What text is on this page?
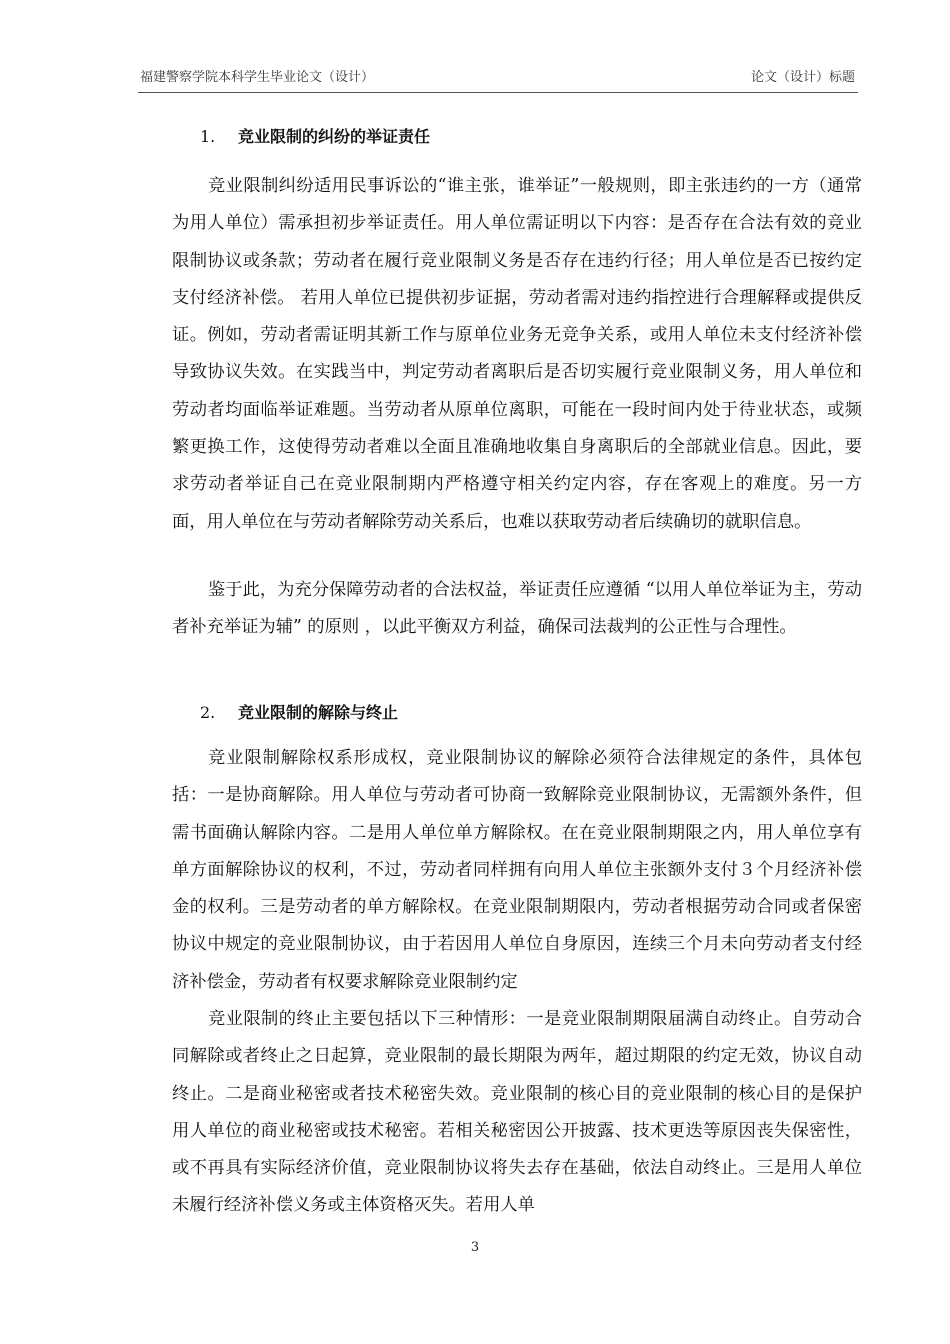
福建警察学院本科学生毕业论文（设计）	论文（设计）标题
1. 竞业限制的纠纷的举证责任

竞业限制纠纷适用民事诉讼的“谁主张，谁举证”一般规则，即主张违约的一方（通常为用人单位）需承担初步举证责任。用人单位需证明以下内容：是否存在合法有效的竞业限制协议或条款；劳动者在履行竞业限制义务是否存在违约行径；用人单位是否已按约定支付经济补偿。 若用人单位已提供初步证据，劳动者需对违约指控进行合理解释或提供反证。例如，劳动者需证明其新工作与原单位业务无竞争关系，或用人单位未支付经济补偿导致协议失效。在实践当中，判定劳动者离职后是否切实履行竞业限制义务，用人单位和劳动者均面临举证难题。当劳动者从原单位离职，可能在一段时间内处于待业状态，或频繁更换工作，这使得劳动者难以全面且准确地收集自身离职后的全部就业信息。因此，要求劳动者举证自己在竞业限制期内严格遵守相关约定内容，存在客观上的难度。另一方面，用人单位在与劳动者解除劳动关系后，也难以获取劳动者后续确切的就职信息。

鉴于此，为充分保障劳动者的合法权益，举证责任应遵循 “以用人单位举证为主，劳动者补充举证为辅” 的原则 ，以此平衡双方利益，确保司法裁判的公正性与合理性。

2. 竞业限制的解除与终止

竞业限制解除权系形成权，竞业限制协议的解除必须符合法律规定的条件，具体包括：一是协商解除。用人单位与劳动者可协商一致解除竞业限制协议，无需额外条件，但需书面确认解除内容。二是用人单位单方解除权。在在竞业限制期限之内，用人单位享有单方面解除协议的权利，不过，劳动者同样拥有向用人单位主张额外支付３个月经济补偿金的权利。三是劳动者的单方解除权。在竞业限制期限内，劳动者根据劳动合同或者保密协议中规定的竞业限制协议，由于若因用人单位自身原因，连续三个月未向劳动者支付经济补偿金，劳动者有权要求解除竞业限制约定

竞业限制的终止主要包括以下三种情形：一是竞业限制期限届满自动终止。自劳动合同解除或者终止之日起算，竞业限制的最长期限为两年，超过期限的约定无效，协议自动终止。二是商业秘密或者技术秘密失效。竞业限制的核心目的竞业限制的核心目的是保护用人单位的商业秘密或技术秘密。若相关秘密因公开披露、技术更迭等原因丧失保密性，或不再具有实际经济价值，竞业限制协议将失去存在基础，依法自动终止。三是用人单位未履行经济补偿义务或主体资格灭失。若用人单

3
